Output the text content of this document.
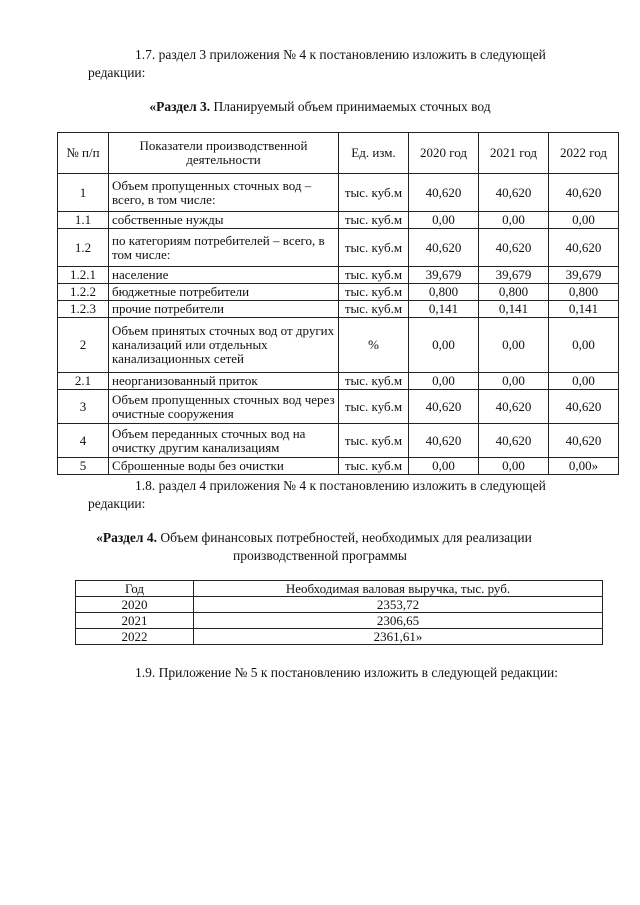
1.7. раздел 3 приложения № 4 к постановлению изложить в следующей

редакции:

«Раздел 3. Планируемый объем принимаемых сточных вод

№ п/п	Показатели производственной деятельности	Ед. изм.	2020 год	2021 год	2022 год
1	Объем пропущенных сточных вод – всего, в том числе:	тыс. куб.м	40,620	40,620	40,620
1.1	собственные нужды	тыс. куб.м	0,00	0,00	0,00
1.2	по категориям потребителей – всего, в том числе:	тыс. куб.м	40,620	40,620	40,620
1.2.1	население	тыс. куб.м	39,679	39,679	39,679
1.2.2	бюджетные потребители	тыс. куб.м	0,800	0,800	0,800
1.2.3	прочие потребители	тыс. куб.м	0,141	0,141	0,141
2	Объем принятых сточных вод от других канализаций или отдельных канализационных сетей	%	0,00	0,00	0,00
2.1	неорганизованный приток	тыс. куб.м	0,00	0,00	0,00
3	Объем пропущенных сточных вод через очистные сооружения	тыс. куб.м	40,620	40,620	40,620
4	Объем переданных сточных вод на очистку другим канализациям	тыс. куб.м	40,620	40,620	40,620
5	Сброшенные воды без очистки	тыс. куб.м	0,00	0,00	0,00»

1.8. раздел 4 приложения № 4 к постановлению изложить в следующей

редакции:

«Раздел 4. Объем финансовых потребностей, необходимых для реализации

производственной программы

Год	Необходимая валовая выручка, тыс. руб.
2020	2353,72
2021	2306,65
2022	2361,61»

1.9. Приложение № 5 к постановлению изложить в следующей редакции:
